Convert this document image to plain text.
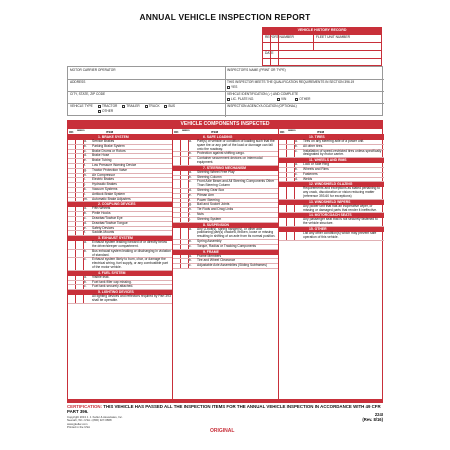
ANNUAL VEHICLE INSPECTION REPORT
VEHICLE HISTORY RECORD
REPORT NUMBER	FLEET UNIT NUMBER
DATE
MOTOR CARRIER OPERATOR	INSPECTOR'S NAME (PRINT OR TYPE)
ADDRESS	THIS INSPECTOR MEETS THE QUALIFICATION REQUIREMENTS IN SECTION 396.19
YES
CITY, STATE, ZIP CODE	VEHICLE IDENTIFICATION (✓) AND COMPLETE
LIC. PLATE NO.	VIN	OTHER
VEHICLE TYPE	TRACTOR	TRAILER	TRUCK	BUS
OTHER
INSPECTION AGENCY/LOCATION (OPTIONAL)
VEHICLE COMPONENTS INSPECTED
OK NEEDS	ITEM
1. BRAKE SYSTEM
a. Service Brakes
b. Parking Brake System
c. Brake Drums or Rotors
d. Brake Hose
e. Brake Tubing
f. Low Pressure Warning Device
g. Tractor Protection Valve
h. Air Compressor
i. Electric Brakes
j. Hydraulic Brakes
k. Vacuum Systems
l. Antilock Brake System
m. Automatic Brake Adjusters
2. COUPLING DEVICES
a. Fifth Wheels
b. Pintle Hooks
c. Drawbar/Towbar Eye
d. Drawbar/Towbar Tongue
e. Safety Devices
f. Saddle-Mounts
3. EXHAUST SYSTEM
a. Exhaust system leaking forward of or directly below the driver/sleeper compartment.
b. Bus exhaust system leaking or discharging in violation of standard.
c. Exhaust system likely to burn, char, or damage the electrical wiring, fuel supply, or any combustible part of the motor vehicle.
4. FUEL SYSTEM
a. Visible leak.
b. Fuel tank filler cap missing.
c. Fuel tank securely attached.
5. LIGHTING DEVICES
All lighting devices and reflectors required by Part 393 shall be operable.
OK NEEDS	ITEM
6. SAFE LOADING
a. Part(s) of vehicle or condition of loading such that the spare tire or any part of the load or dunnage can fall onto the roadway.
b. Protection against shifting cargo.
c. Container securement devices on intermodal equipment.
7. STEERING MECHANISM
a. Steering Wheel Free Play
b. Steering Column
c. Front Axle Beam and All Steering Components Other Than Steering Column
d. Steering Gear Box
e. Pitman Arm
f. Power Steering
g. Ball and Socket Joints
h. Tie Rods and Drag Links
i. Nuts
j. Steering System
8. SUSPENSION
a. Any U-bolt(s), spring hanger(s), or other axle positioning part(s) cracked, broken, loose or missing resulting in shifting of an axle from its normal position.
b. Spring Assembly
c. Torque, Radius or Tracking Components
9. FRAME
a. Frame Members
b. Tire and Wheel Clearance
c. Adjustable Axle Assemblies (Sliding Subframes)
OK NEEDS	ITEM
10. TIRES
a. Tires on any steering axle of a power unit.
b. All other tires.
c. Installation of speed-restricted tires unless specifically designated by motor carrier.
11. WHEELS AND RIMS
a. Lock or Side Ring
b. Wheels and Rims
c. Fasteners
d. Welds
12. WINDSHIELD GLAZING
Requirements and exceptions as stated pertaining to any crack, discoloration or vision reducing matter (reference 393.60 for exceptions)
13. WINDSHIELD WIPERS
Any power unit that has an inoperative wiper, or missing or damaged parts that render it ineffective.
14. MOTORCOACH SEATS
Any passenger seat that is not securely fastened to the vehicle structure.
15. OTHER
List any other condition(s) which may prevent safe operation of this vehicle.
CERTIFICATION: THIS VEHICLE HAS PASSED ALL THE INSPECTION ITEMS FOR THE ANNUAL VEHICLE INSPECTION IN ACCORDANCE WITH 49 CFR PART 396.
Copyright 2013 J. J. Keller & Associates, Inc.
Neenah, WI • USA • (800) 327-6868
www.jjkeller.com
Printed in the USA
ORIGINAL
224I
(Rev. 8/16)
